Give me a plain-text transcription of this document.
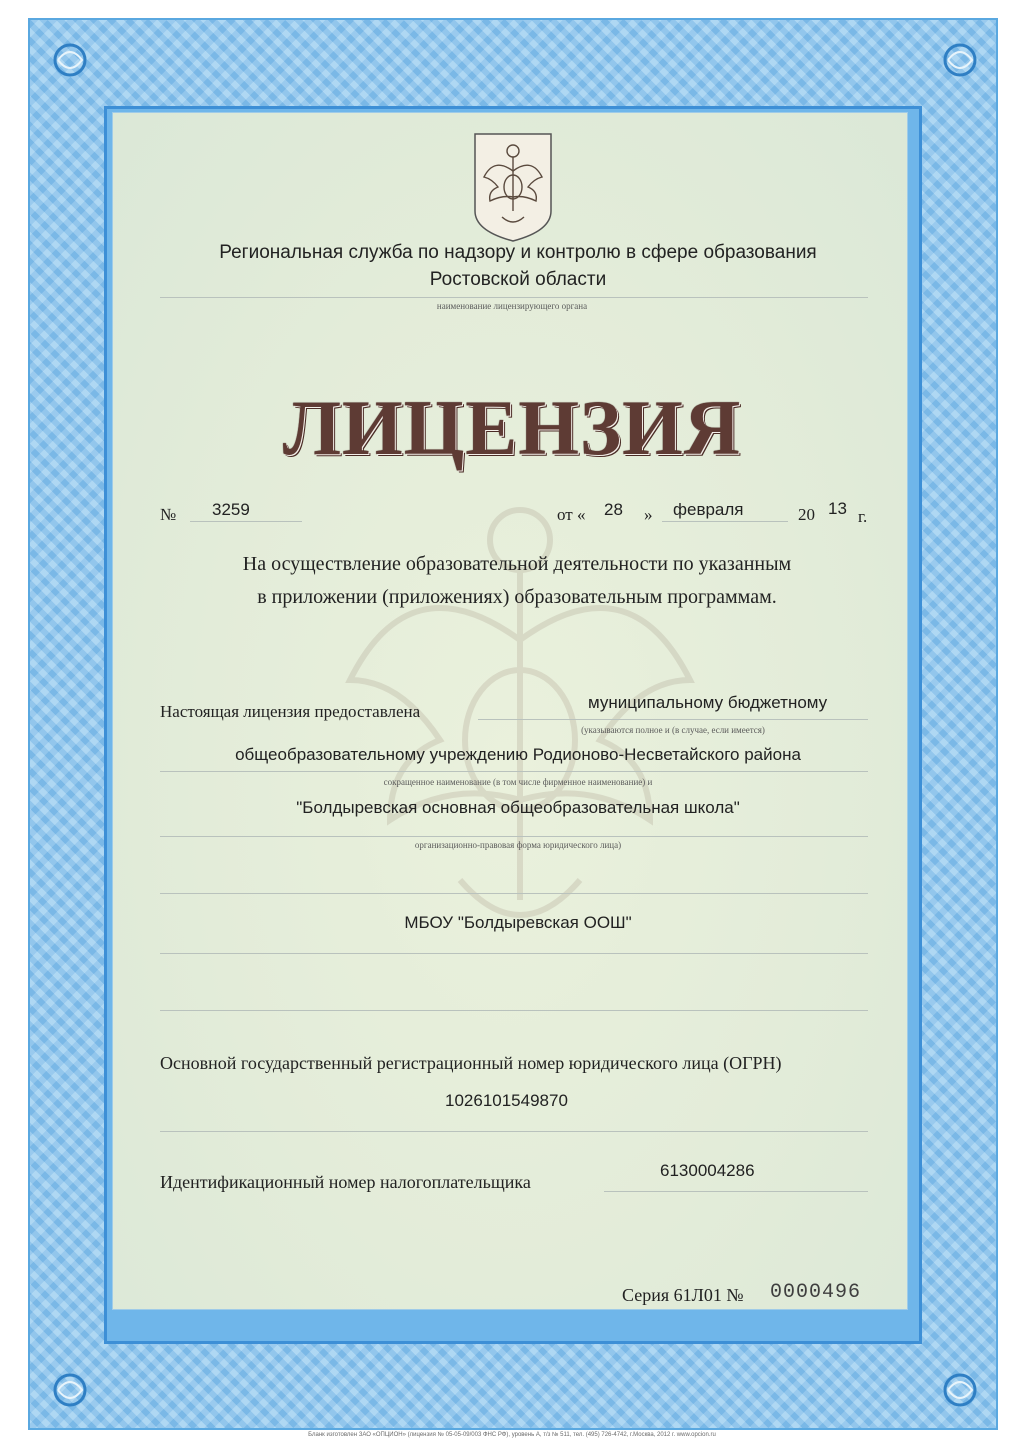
Региональная служба по надзору и контролю в сфере образования
Ростовской области
наименование лицензирующего органа
ЛИЦЕНЗИЯ
№ 3259	от « 28 » февраля	20 13 г.
На осуществление образовательной деятельности по указанным
в приложении (приложениях) образовательным программам.
Настоящая лицензия предоставлена	муниципальному бюджетному
(указываются полное и (в случае, если имеется)
общеобразовательному учреждению Родионово-Несветайского района
сокращенное наименование (в том числе фирменное наименование) и
"Болдыревская основная общеобразовательная школа"
организационно-правовая форма юридического лица)
МБОУ "Болдыревская ООШ"
Основной государственный регистрационный номер юридического лица (ОГРН)
1026101549870
Идентификационный номер налогоплательщика
6130004286
Серия 61Л01 № 0000496
Бланк изготовлен ЗАО «ОПЦИОН» (лицензия № 05-05-09/003 ФНС РФ), уровень А, т/з № 511, тел. (495) 726-4742, г.Москва, 2012 г. www.opcion.ru
